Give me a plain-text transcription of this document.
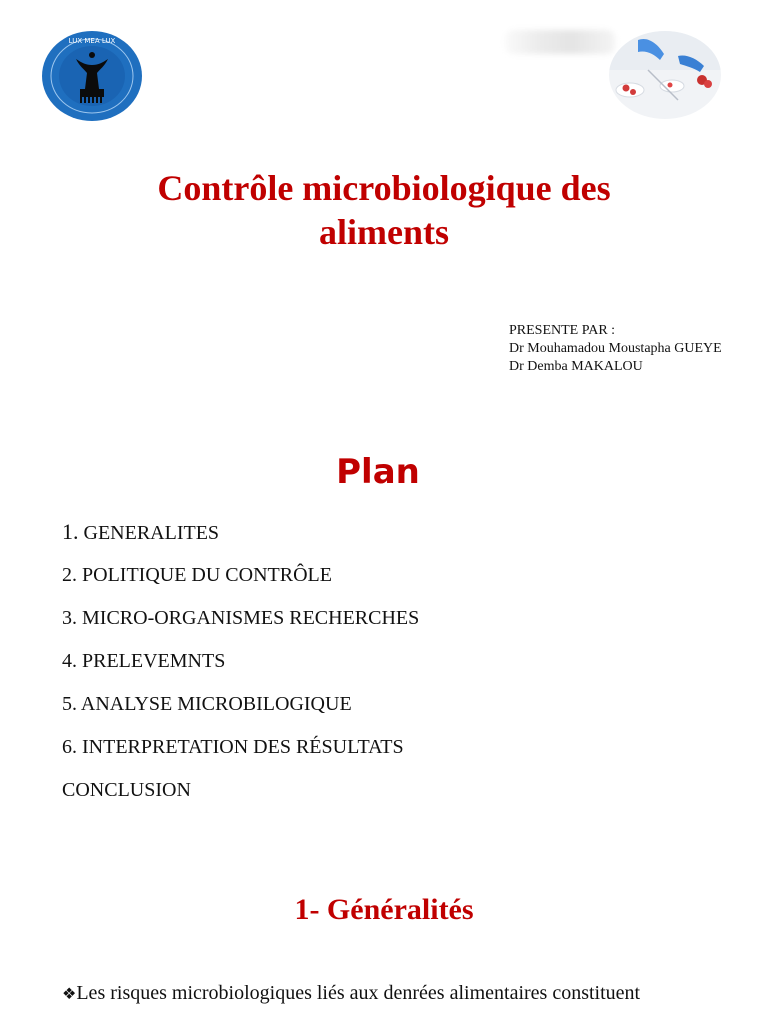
LUX MEA LUX
Contrôle microbiologique des
aliments
PRESENTE PAR :
Dr Mouhamadou Moustapha GUEYE
Dr Demba MAKALOU
Plan
1. GENERALITES
2. POLITIQUE DU CONTRÔLE
3. MICRO-ORGANISMES RECHERCHES
4. PRELEVEMNTS
5. ANALYSE MICROBILOGIQUE
6. INTERPRETATION DES RÉSULTATS
CONCLUSION
1- Généralités

❖Les risques microbiologiques liés aux denrées alimentaires constituent
